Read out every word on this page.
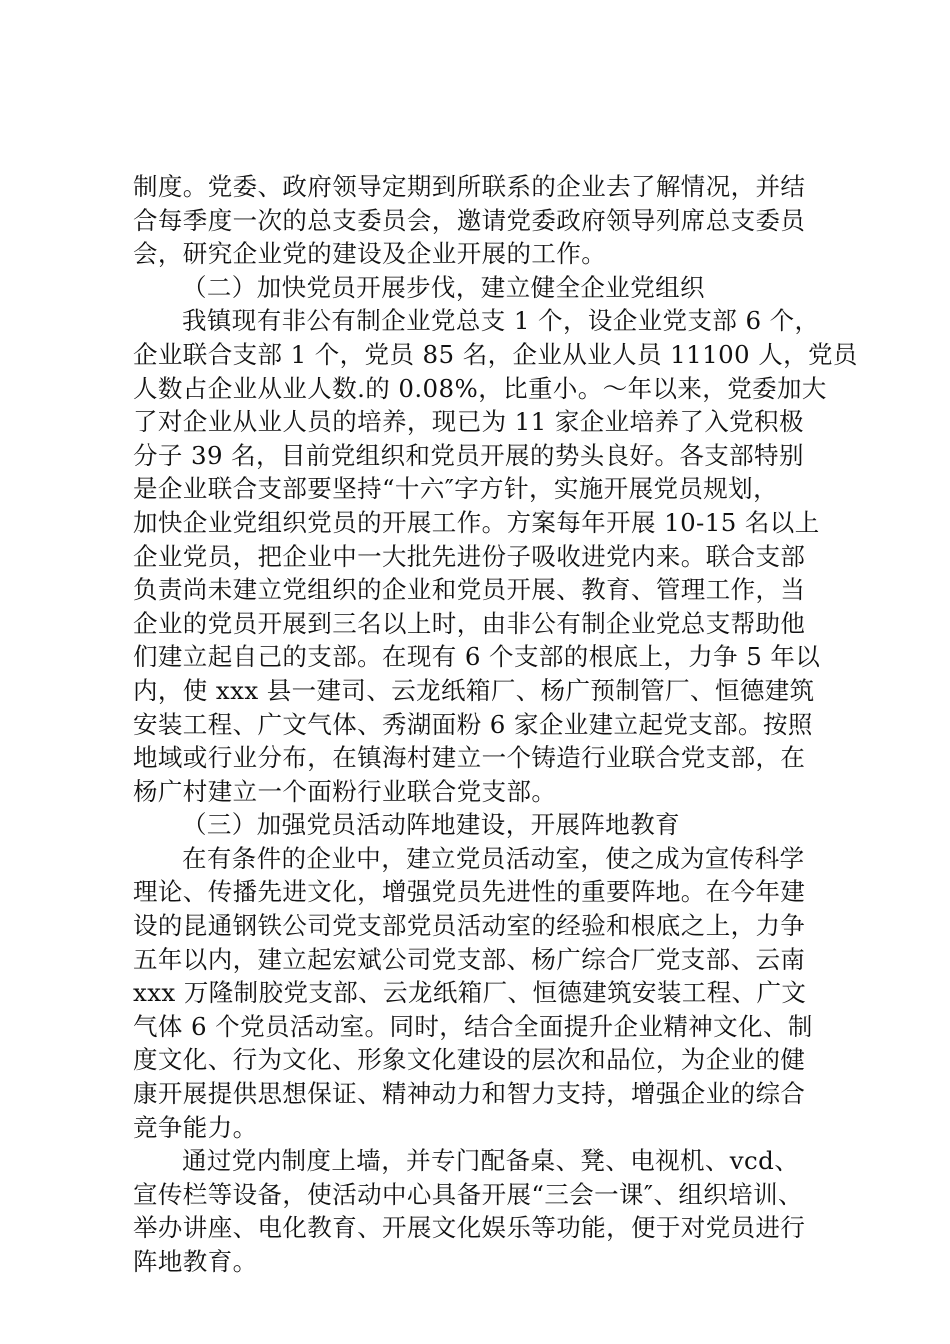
制度。党委、政府领导定期到所联系的企业去了解情况，并结
合每季度一次的总支委员会，邀请党委政府领导列席总支委员
会，研究企业党的建设及企业开展的工作。
（二）加快党员开展步伐，建立健全企业党组织
我镇现有非公有制企业党总支 1 个，设企业党支部 6 个，
企业联合支部 1 个，党员 85 名，企业从业人员 11100 人，党员
人数占企业从业人数.的 0.08%，比重小。～年以来，党委加大
了对企业从业人员的培养，现已为 11 家企业培养了入党积极
分子 39 名，目前党组织和党员开展的势头良好。各支部特别
是企业联合支部要坚持“十六″字方针，实施开展党员规划，
加快企业党组织党员的开展工作。方案每年开展 10-15 名以上
企业党员，把企业中一大批先进份子吸收进党内来。联合支部
负责尚未建立党组织的企业和党员开展、教育、管理工作，当
企业的党员开展到三名以上时，由非公有制企业党总支帮助他
们建立起自己的支部。在现有 6 个支部的根底上，力争 5 年以
内，使 xxx 县一建司、云龙纸箱厂、杨广预制管厂、恒德建筑
安装工程、广文气体、秀湖面粉 6 家企业建立起党支部。按照
地域或行业分布，在镇海村建立一个铸造行业联合党支部，在
杨广村建立一个面粉行业联合党支部。
（三）加强党员活动阵地建设，开展阵地教育
在有条件的企业中，建立党员活动室，使之成为宣传科学
理论、传播先进文化，增强党员先进性的重要阵地。在今年建
设的昆通钢铁公司党支部党员活动室的经验和根底之上，力争
五年以内，建立起宏斌公司党支部、杨广综合厂党支部、云南
xxx 万隆制胶党支部、云龙纸箱厂、恒德建筑安装工程、广文
气体 6 个党员活动室。同时，结合全面提升企业精神文化、制
度文化、行为文化、形象文化建设的层次和品位，为企业的健
康开展提供思想保证、精神动力和智力支持，增强企业的综合
竞争能力。
通过党内制度上墙，并专门配备桌、凳、电视机、vcd、
宣传栏等设备，使活动中心具备开展“三会一课″、组织培训、
举办讲座、电化教育、开展文化娱乐等功能，便于对党员进行
阵地教育。
